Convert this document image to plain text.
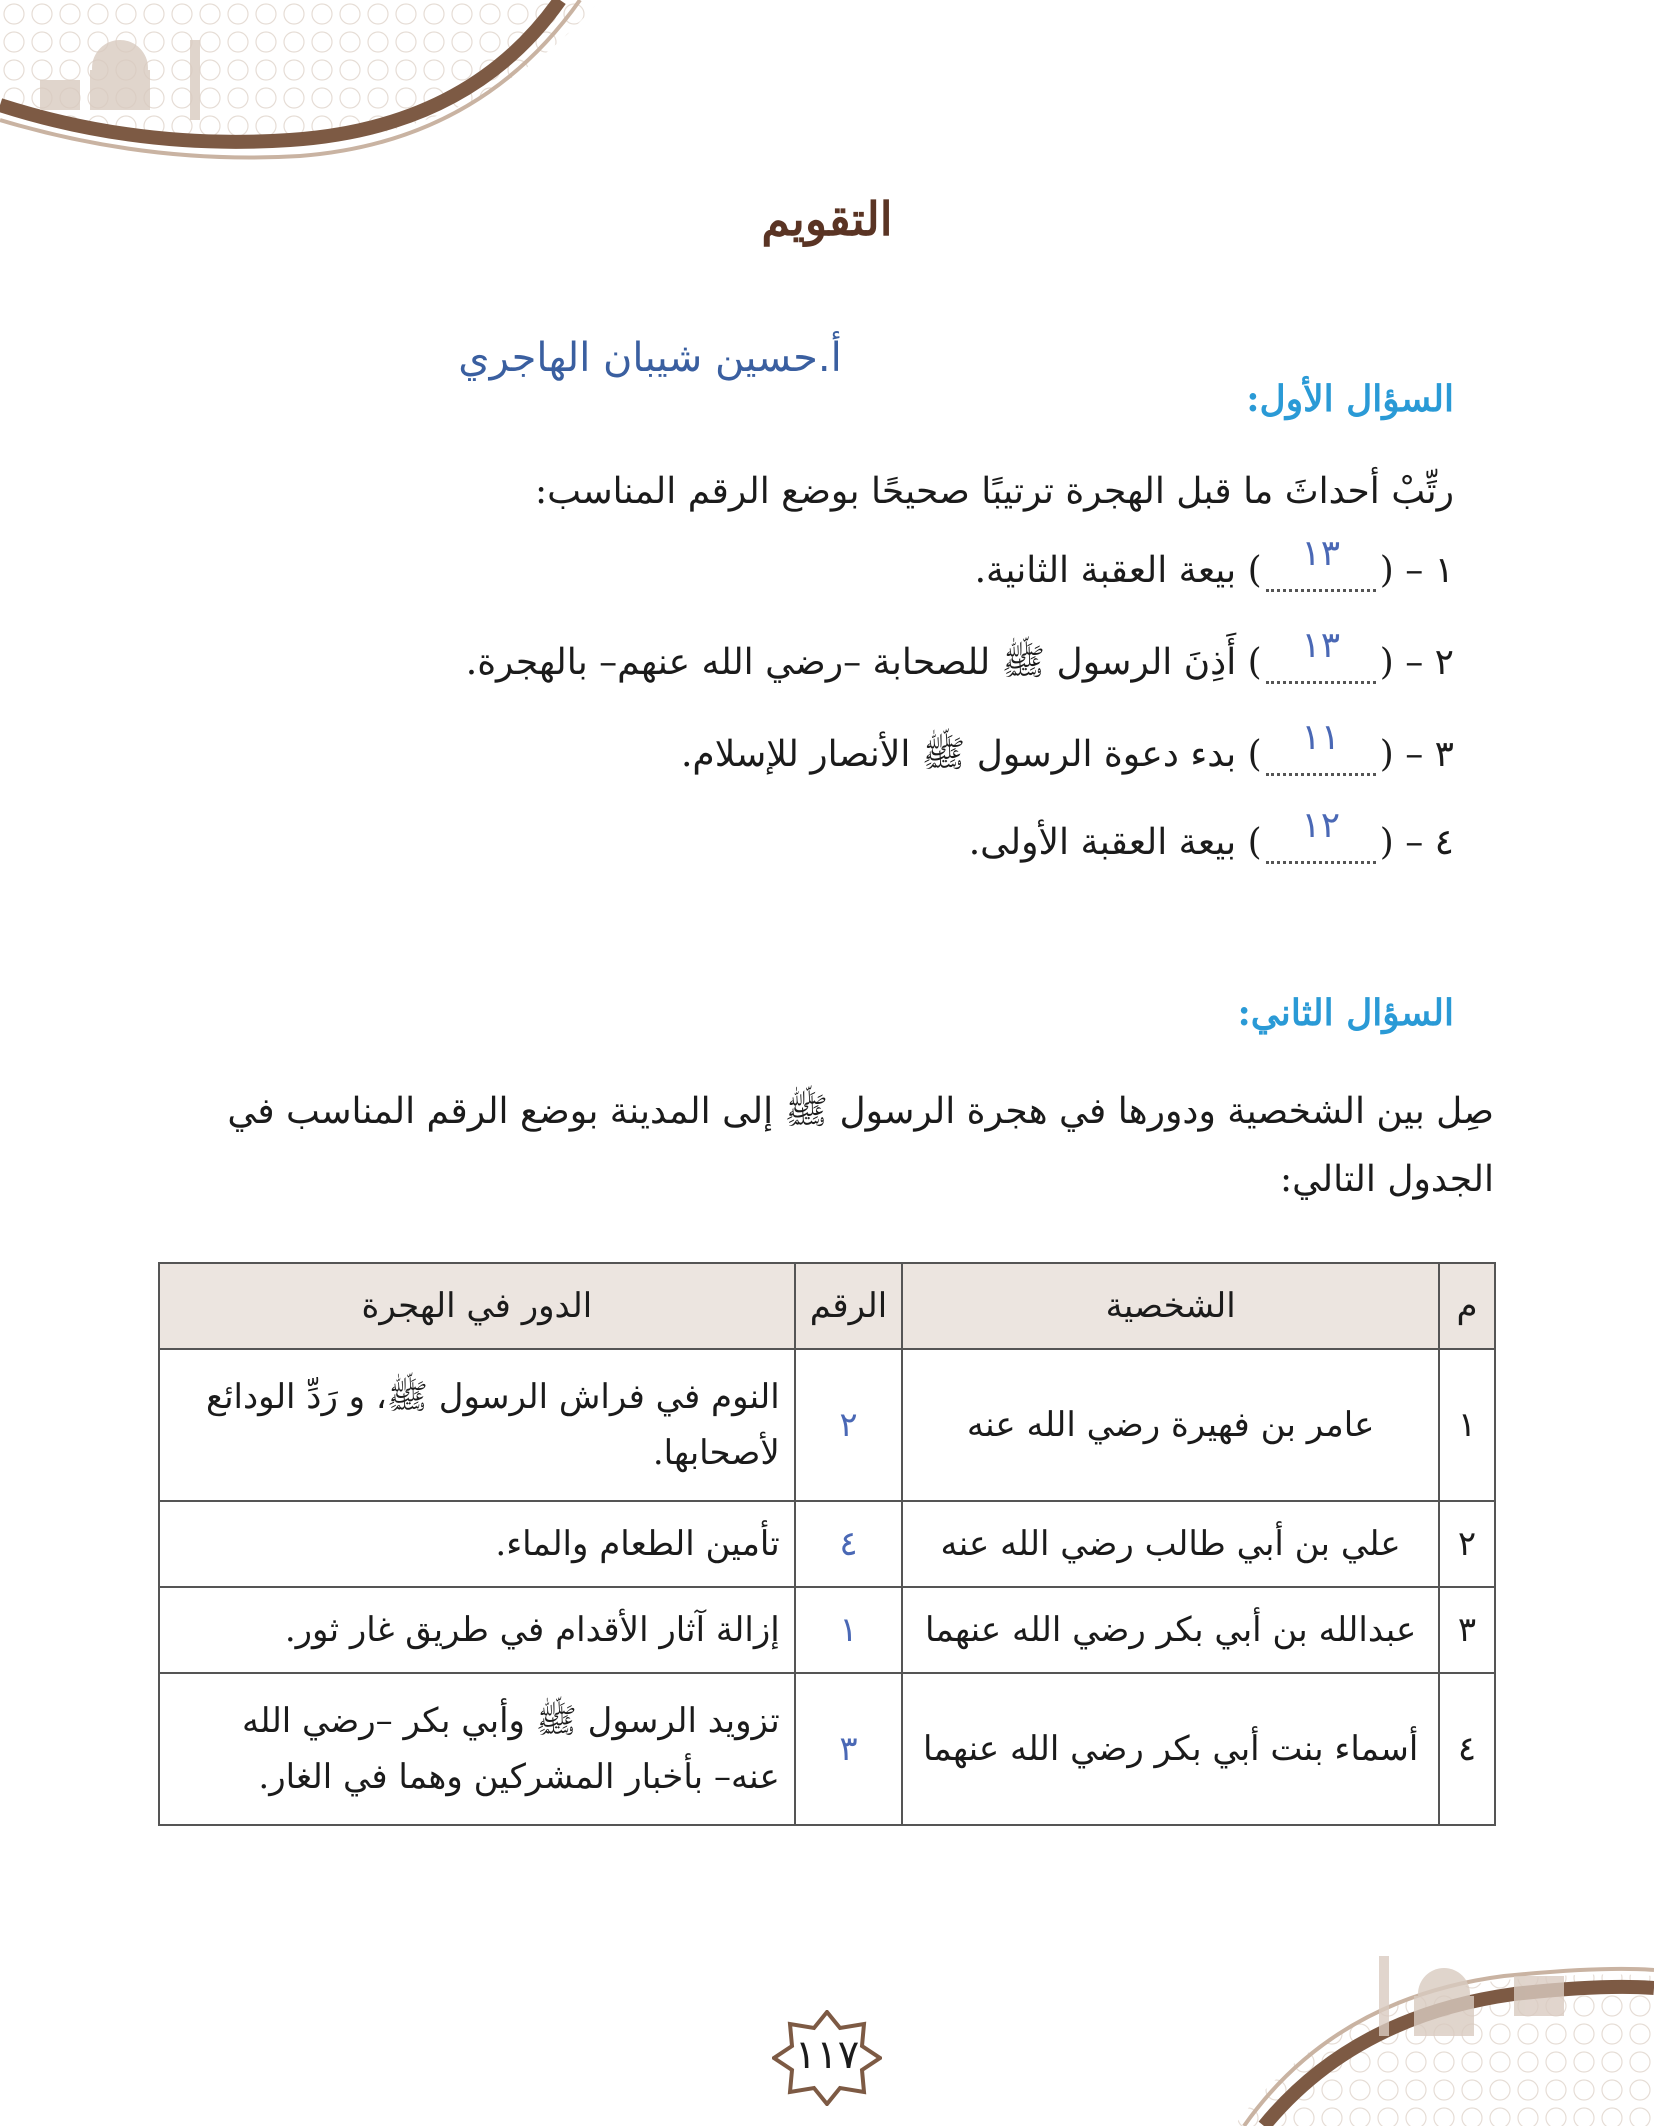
التقويم
أ.حسين شيبان الهاجري
السؤال الأول:
رتِّبْ أحداثَ ما قبل الهجرة ترتيبًا صحيحًا بوضع الرقم المناسب:
١ – (
١٣
) بيعة العقبة الثانية.
٢ – (
١٣
) أَذِنَ الرسول ﷺ للصحابة –رضي الله عنهم– بالهجرة.
٣ – (
١١
) بدء دعوة الرسول ﷺ الأنصار للإسلام.
٤ – (
١٢
) بيعة العقبة الأولى.
السؤال الثاني:
صِل بين الشخصية ودورها في هجرة الرسول ﷺ إلى المدينة بوضع الرقم المناسب في الجدول التالي:
م	الشخصية	الرقم	الدور في الهجرة
١	عامر بن فهيرة رضي الله عنه	٢	النوم في فراش الرسول ﷺ، و رَدِّ الودائع لأصحابها.
٢	علي بن أبي طالب رضي الله عنه	٤	تأمين الطعام والماء.
٣	عبدالله بن أبي بكر رضي الله عنهما	١	إزالة آثار الأقدام في طريق غار ثور.
٤	أسماء بنت أبي بكر رضي الله عنهما	٣	تزويد الرسول ﷺ وأبي بكر –رضي الله عنه– بأخبار المشركين وهما في الغار.
١١٧
